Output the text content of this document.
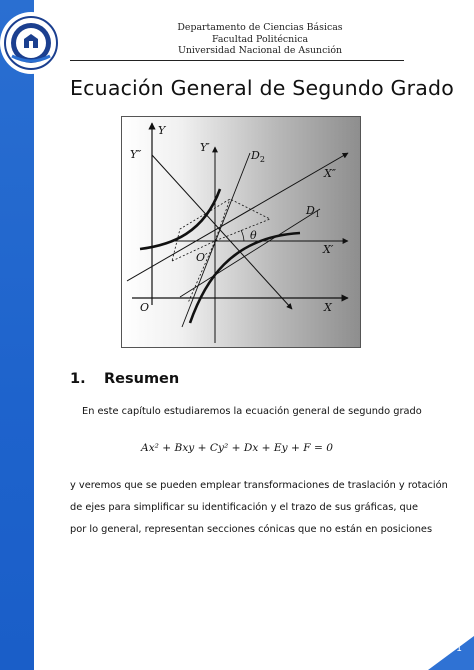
Departamento de Ciencias Básicas
Facultad Politécnica
Universidad Nacional de Asunción
Ecuación General de Segundo Grado
Y
Y′
Y″	$D_2$
X″
$D_1$
θ
X′
O′
O	X
1. Resumen
En este capítulo estudiaremos la ecuación general de segundo grado
Ax² + Bxy + Cy² + Dx + Ey + F = 0
y veremos que se pueden emplear transformaciones de traslación y rotación
de ejes para simplificar su identificación y el trazo de sus gráficas, que
por lo general, representan secciones cónicas que no están en posiciones
1
